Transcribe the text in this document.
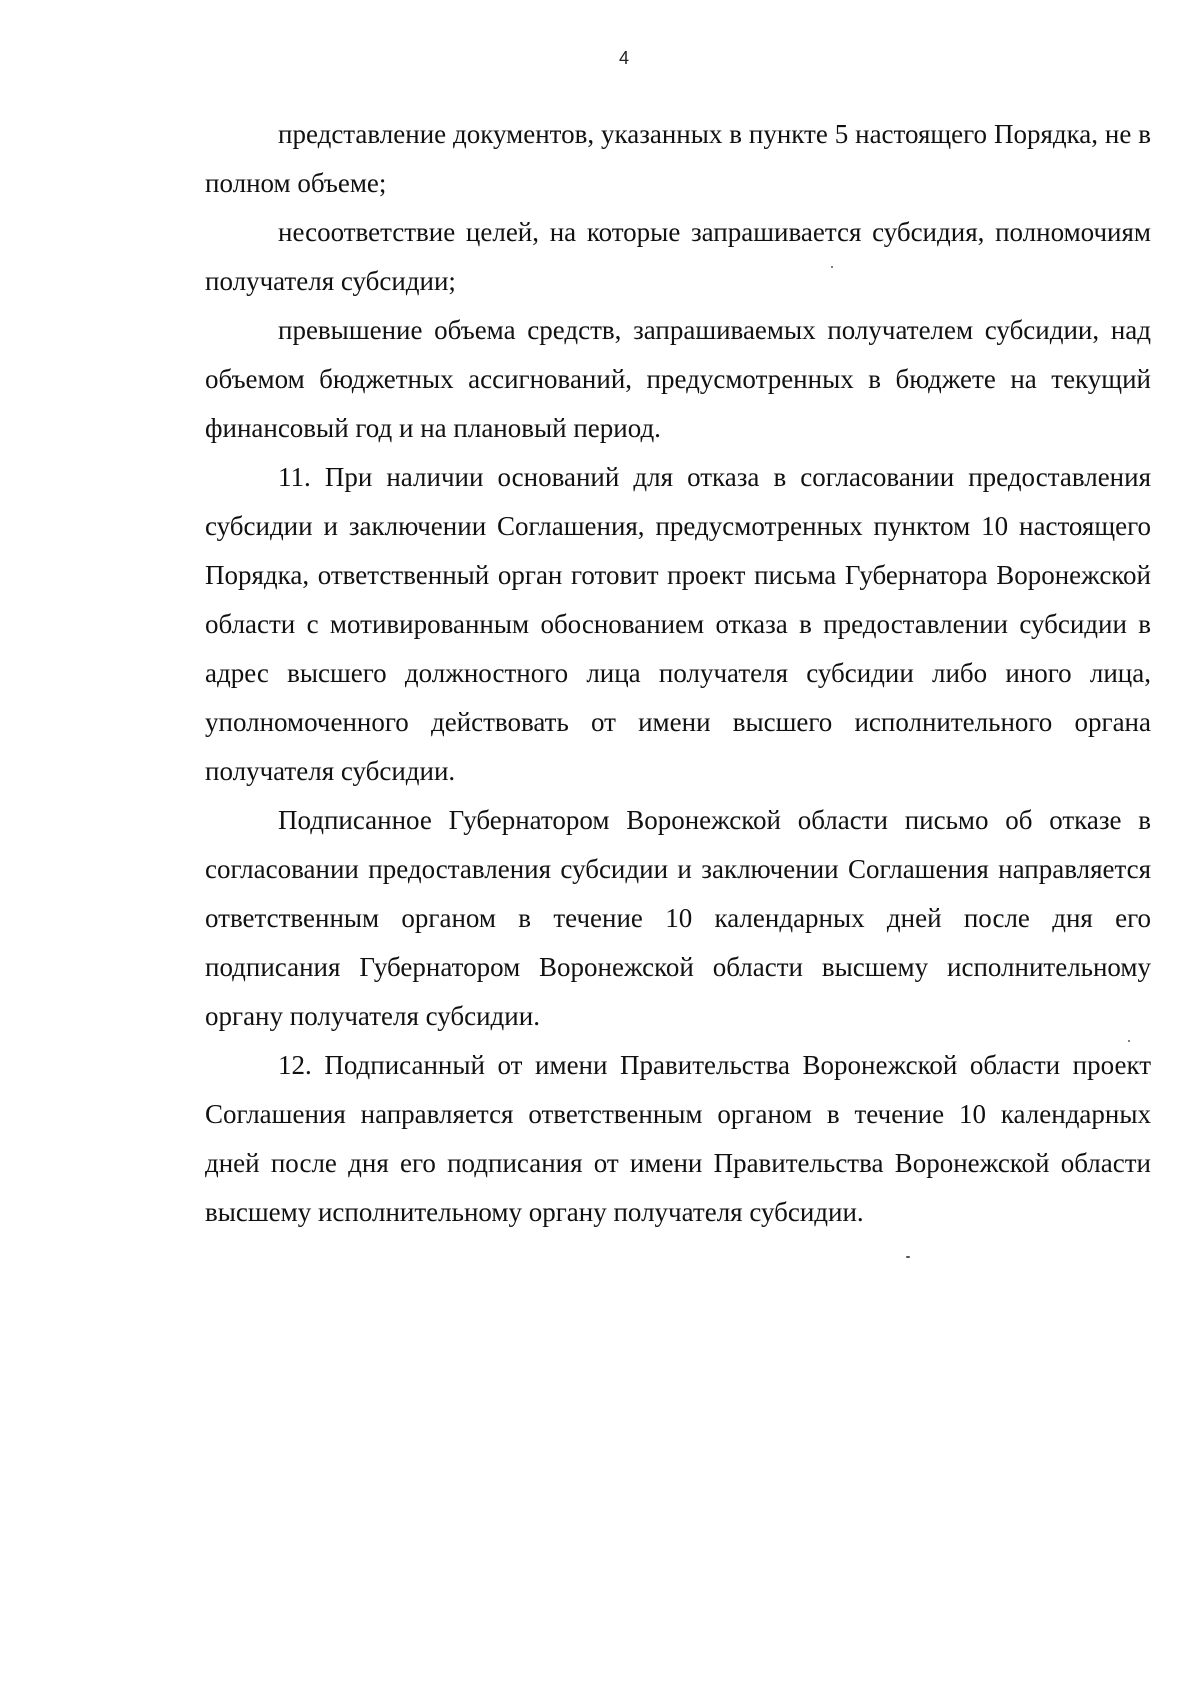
4

представление документов, указанных в пункте 5 настоящего Порядка, не в полном объеме;

несоответствие целей, на которые запрашивается субсидия, полномочиям получателя субсидии;

превышение объема средств, запрашиваемых получателем субсидии, над объемом бюджетных ассигнований, предусмотренных в бюджете на текущий финансовый год и на плановый период.

11. При наличии оснований для отказа в согласовании предоставления субсидии и заключении Соглашения, предусмотренных пунктом 10 настоящего Порядка, ответственный орган готовит проект письма Губернатора Воронежской области с мотивированным обоснованием отказа в предоставлении субсидии в адрес высшего должностного лица получателя субсидии либо иного лица, уполномоченного действовать от имени высшего исполнительного органа получателя субсидии.

Подписанное Губернатором Воронежской области письмо об отказе в согласовании предоставления субсидии и заключении Соглашения направляется ответственным органом в течение 10 календарных дней после дня его подписания Губернатором Воронежской области высшему исполнительному органу получателя субсидии.

12. Подписанный от имени Правительства Воронежской области проект Соглашения направляется ответственным органом в течение 10 календарных дней после дня его подписания от имени Правительства Воронежской области высшему исполнительному органу получателя субсидии.
